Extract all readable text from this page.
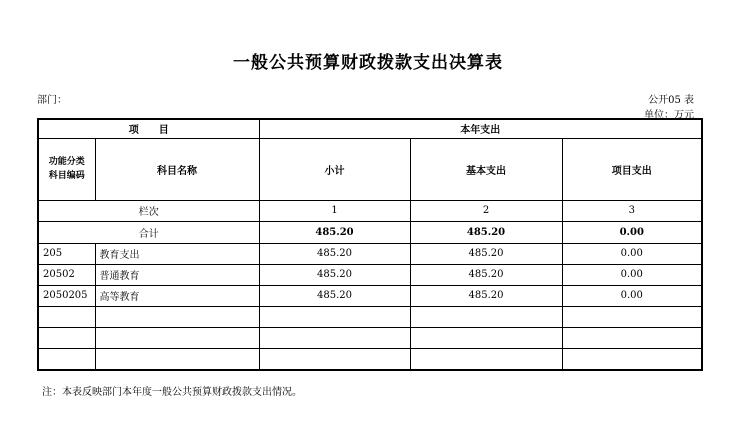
一般公共预算财政拨款支出决算表
部门：	公开05 表
单位：万元
项　　目		本年支出		

功能分类
科目编码	科目名称	小计	基本支出	项目支出
栏次		1	2	3
合计		485.20	485.20	0.00
205	教育支出	485.20	485.20	0.00
20502	普通教育	485.20	485.20	0.00
2050205	高等教育	485.20	485.20	0.00

注：本表反映部门本年度一般公共预算财政拨款支出情况。
